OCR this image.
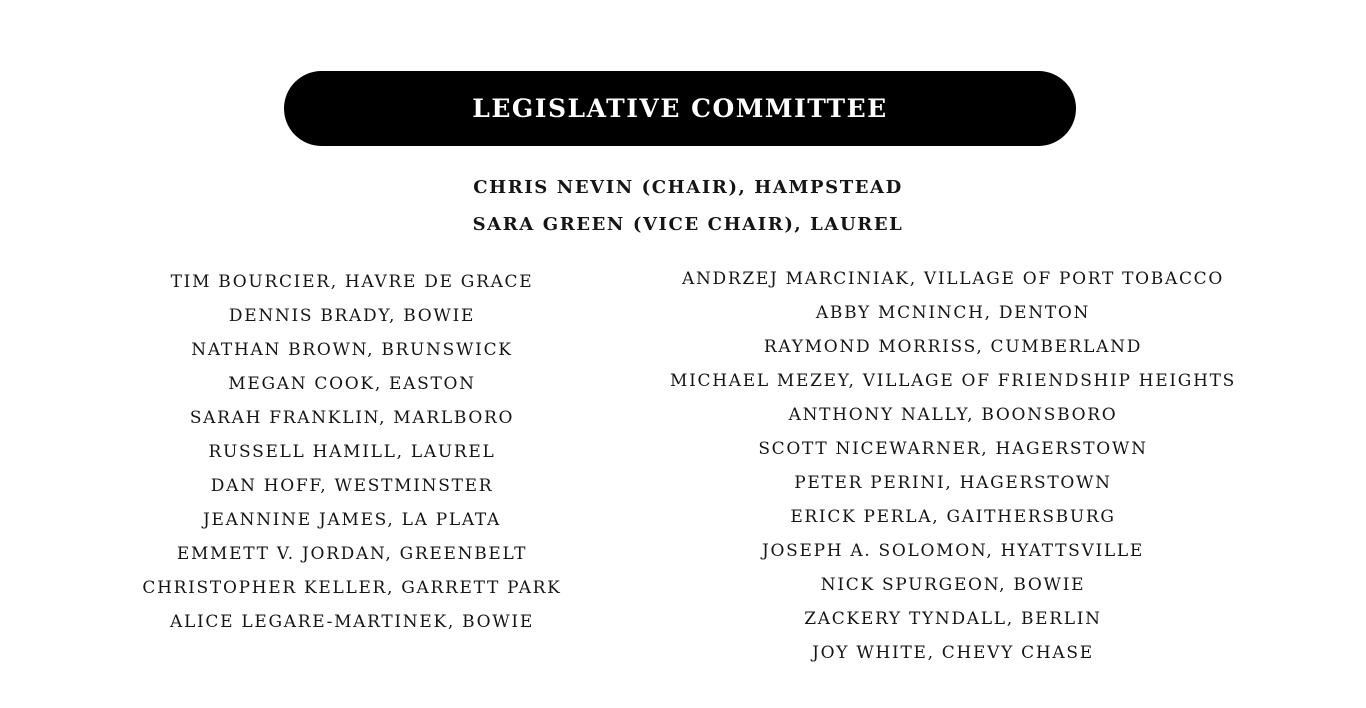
LEGISLATIVE COMMITTEE
CHRIS NEVIN (CHAIR), HAMPSTEAD
SARA GREEN (VICE CHAIR), LAUREL
TIM BOURCIER, HAVRE DE GRACE
DENNIS BRADY, BOWIE
NATHAN BROWN, BRUNSWICK
MEGAN COOK, EASTON
SARAH FRANKLIN, MARLBORO
RUSSELL HAMILL, LAUREL
DAN HOFF, WESTMINSTER
JEANNINE JAMES, LA PLATA
EMMETT V. JORDAN, GREENBELT
CHRISTOPHER KELLER, GARRETT PARK
ALICE LEGARE-MARTINEK, BOWIE
ANDRZEJ MARCINIAK, VILLAGE OF PORT TOBACCO
ABBY MCNINCH, DENTON
RAYMOND MORRISS, CUMBERLAND
MICHAEL MEZEY, VILLAGE OF FRIENDSHIP HEIGHTS
ANTHONY NALLY, BOONSBORO
SCOTT NICEWARNER, HAGERSTOWN
PETER PERINI, HAGERSTOWN
ERICK PERLA, GAITHERSBURG
JOSEPH A. SOLOMON, HYATTSVILLE
NICK SPURGEON, BOWIE
ZACKERY TYNDALL, BERLIN
JOY WHITE, CHEVY CHASE
